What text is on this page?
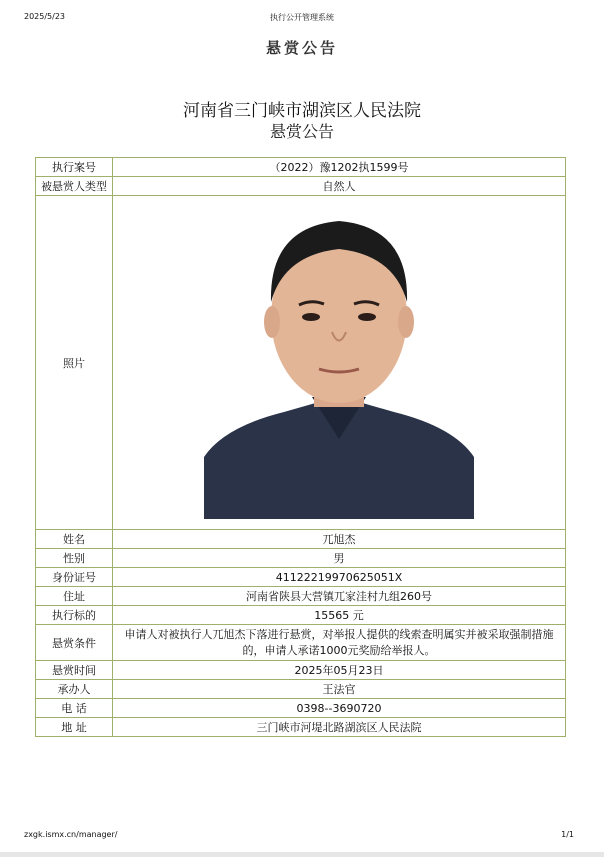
2025/5/23	执行公开管理系统
悬赏公告
河南省三门峡市湖滨区人民法院
悬赏公告
执行案号	（2022）豫1202执1599号
被悬赏人类型	自然人
照片	

姓名	兀旭杰
性别	男
身份证号	41122219970625051X
住址	河南省陕县大营镇兀家洼村九组260号
执行标的	15565 元
悬赏条件	申请人对被执行人兀旭杰下落进行悬赏，对举报人提供的线索查明属实并被采取强制措施的，申请人承诺1000元奖励给举报人。
悬赏时间	2025年05月23日
承办人	王法官
电 话	0398--3690720
地 址	三门峡市河堤北路湖滨区人民法院
zxgk.ismx.cn/manager/	1/1
